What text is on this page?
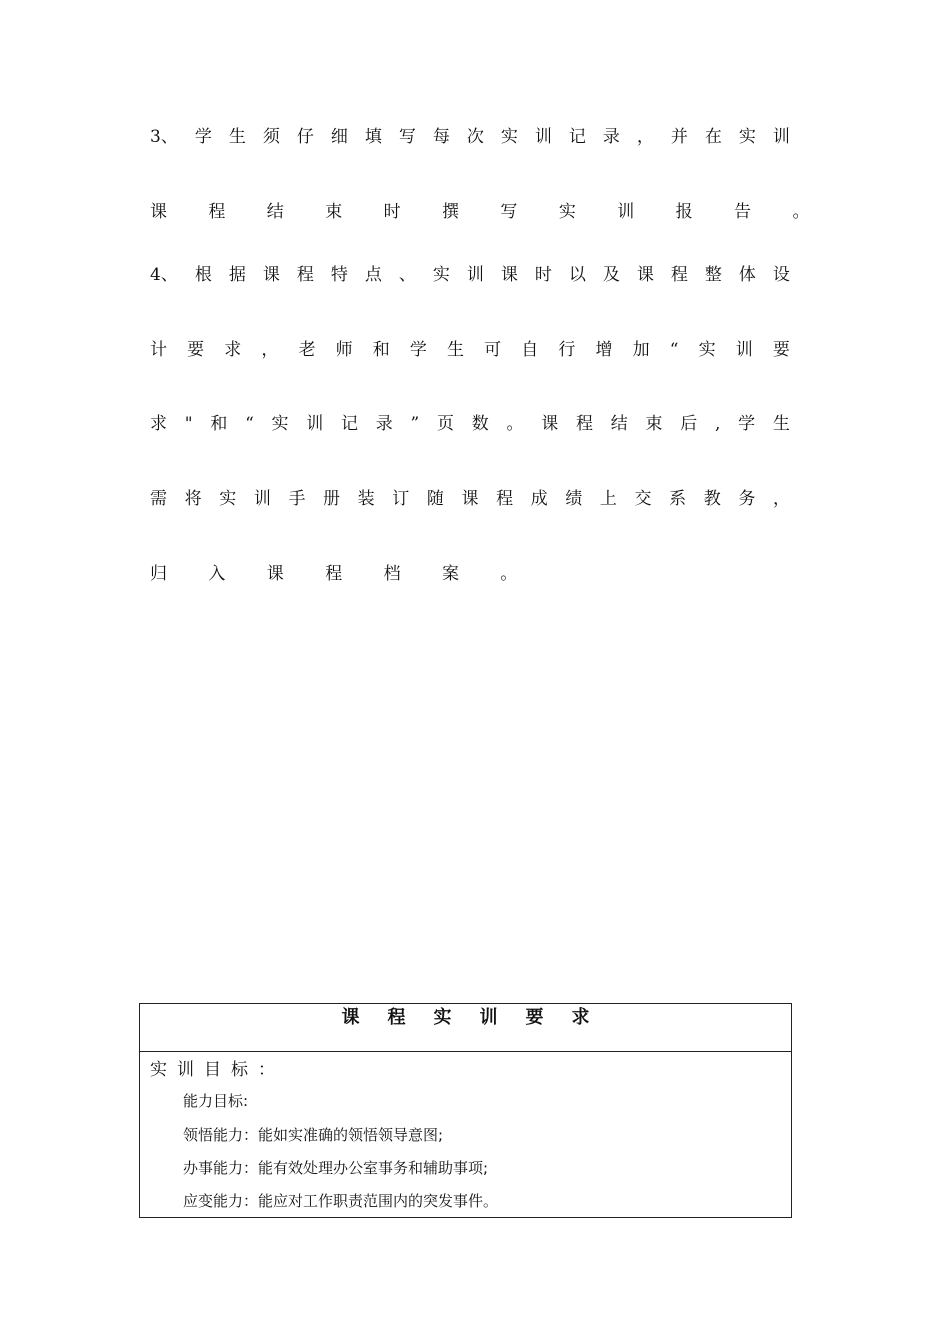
3、 学 生 须 仔 细 填 写 每 次 实 训 记 录 ， 并 在 实 训
课 程 结 束 时 撰 写 实 训 报 告 。
4、 根 据 课 程 特 点 、 实 训 课 时 以 及 课 程 整 体 设
计 要 求 ， 老 师 和 学 生 可 自 行 增 加 “ 实 训 要
求 " 和 “ 实 训 记 录 ” 页 数 。 课 程 结 束 后 , 学 生
需 将 实 训 手 册 装 订 随 课 程 成 绩 上 交 系 教 务 ，
归 入 课 程 档 案 。
课程实训要求
实训目标：
能力目标:
领悟能力：能如实准确的领悟领导意图;
办事能力：能有效处理办公室事务和辅助事项;
应变能力：能应对工作职责范围内的突发事件。
